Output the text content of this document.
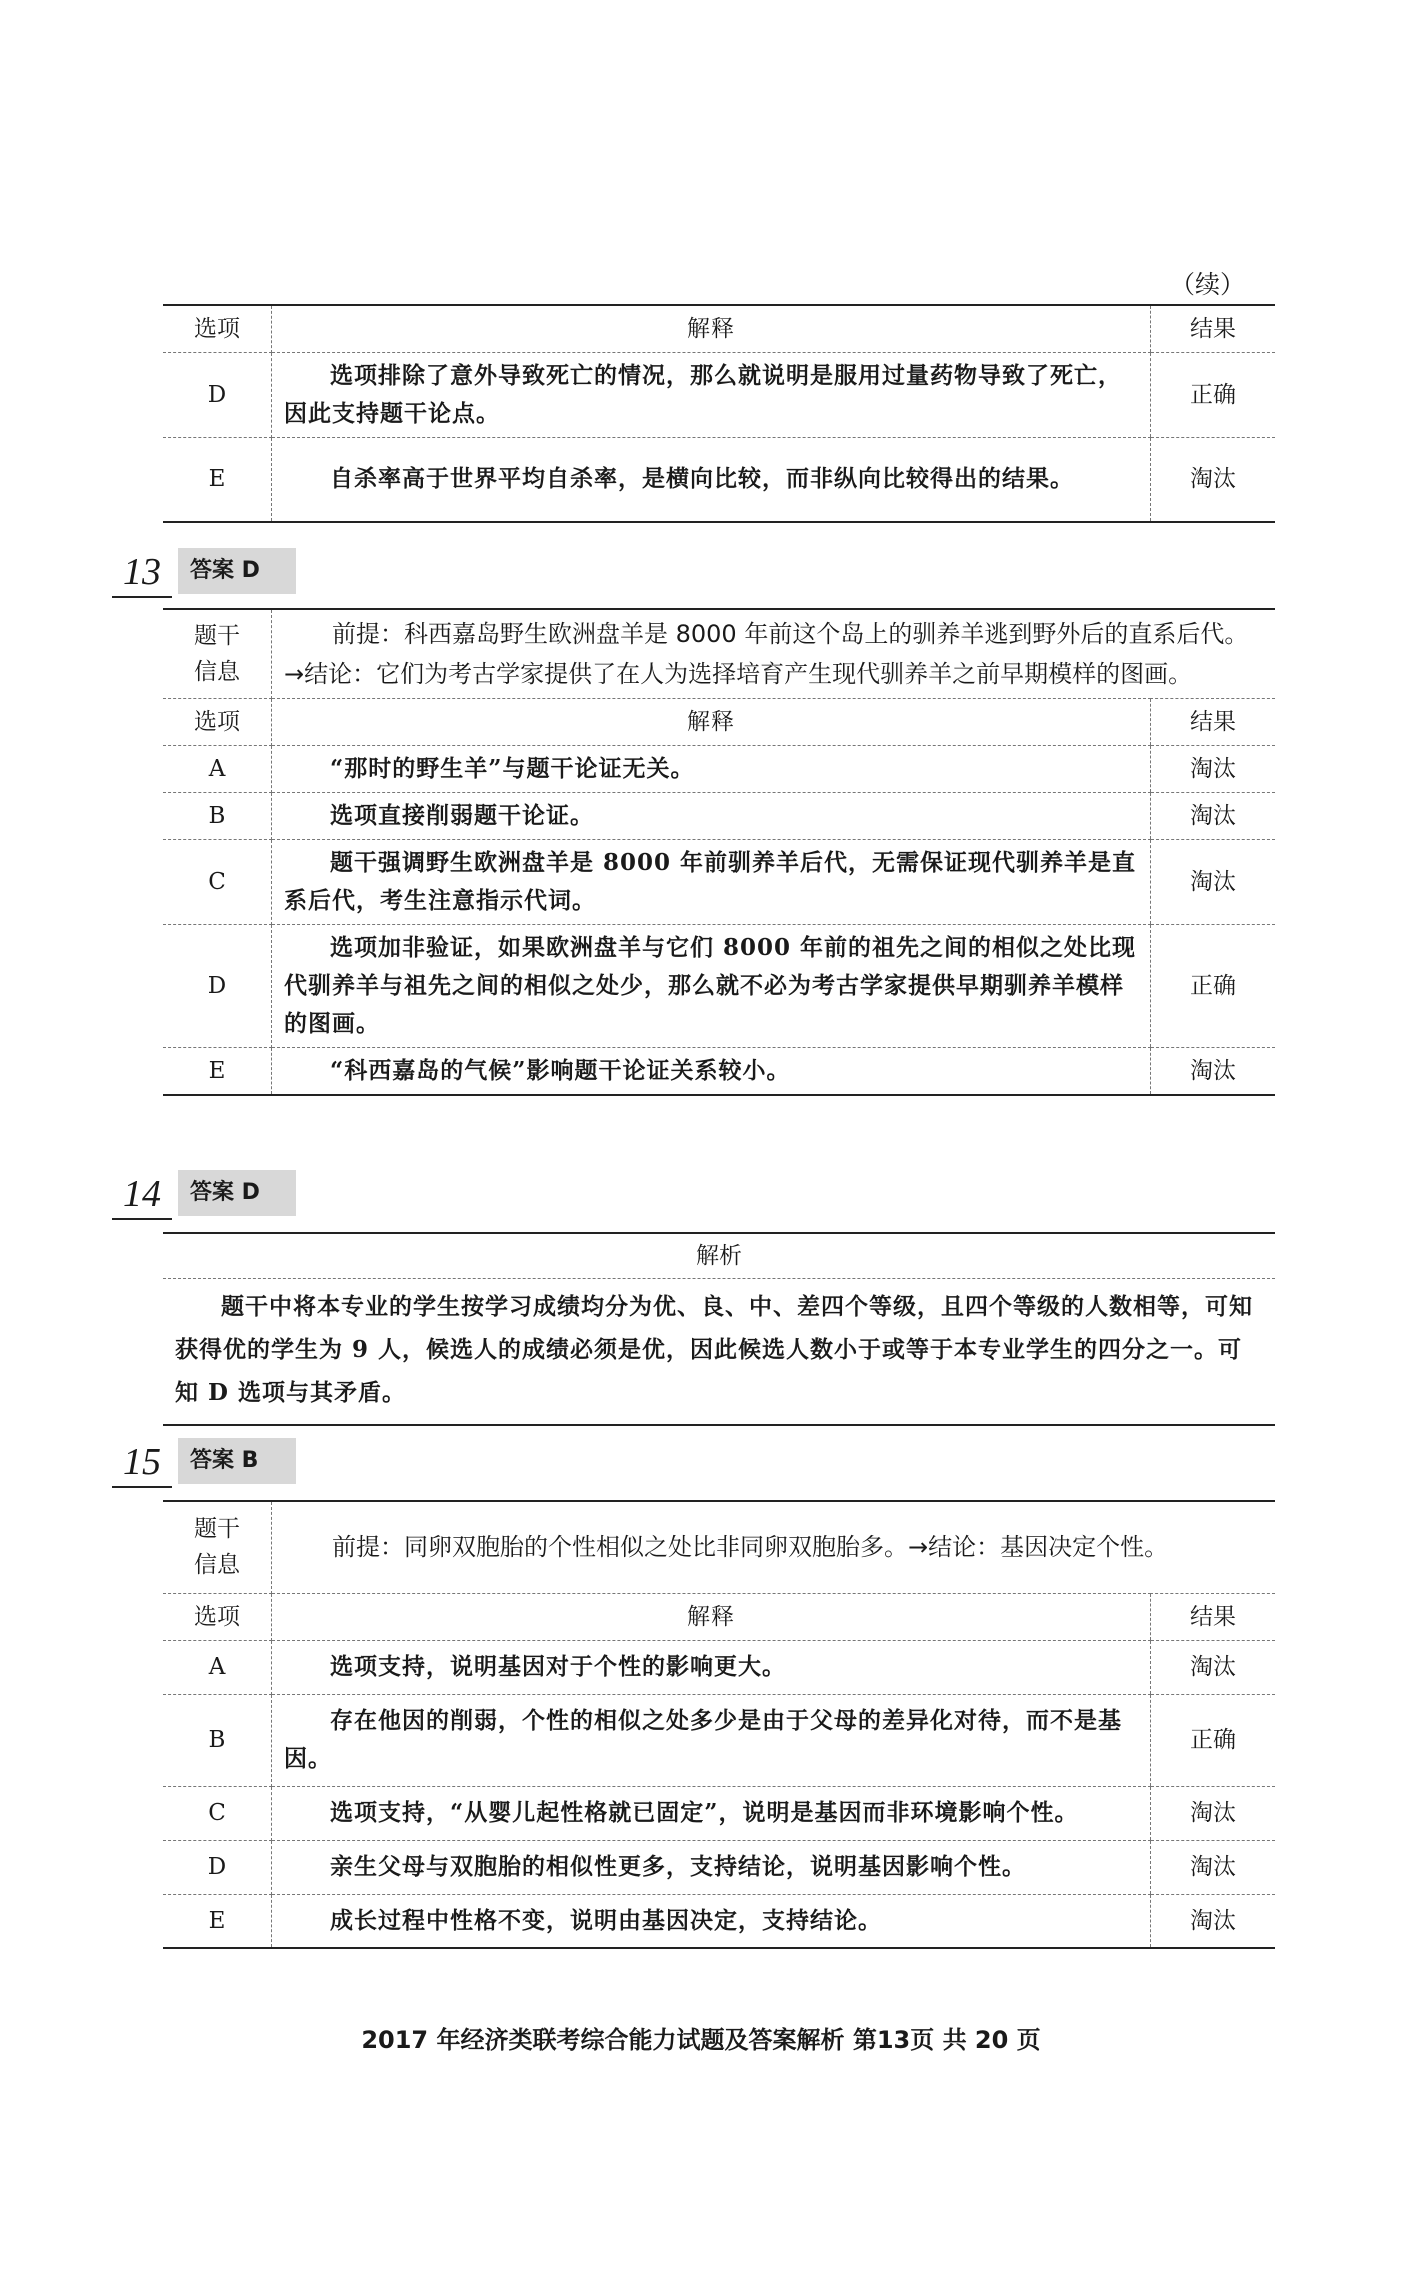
（续）
选项	解释	结果
D	选项排除了意外导致死亡的情况，那么就说明是服用过量药物导致了死亡，因此支持题干论点。	正确
E	自杀率高于世界平均自杀率，是横向比较，而非纵向比较得出的结果。	淘汰
13	答案 D
题干
信息	前提：科西嘉岛野生欧洲盘羊是 8000 年前这个岛上的驯养羊逃到野外后的直系后代。→结论：它们为考古学家提供了在人为选择培育产生现代驯养羊之前早期模样的图画。	
选项	解释	结果
A	“那时的野生羊”与题干论证无关。	淘汰
B	选项直接削弱题干论证。	淘汰
C	题干强调野生欧洲盘羊是 8000 年前驯养羊后代，无需保证现代驯养羊是直系后代，考生注意指示代词。	淘汰
D	选项加非验证，如果欧洲盘羊与它们 8000 年前的祖先之间的相似之处比现代驯养羊与祖先之间的相似之处少，那么就不必为考古学家提供早期驯养羊模样的图画。	正确
E	“科西嘉岛的气候”影响题干论证关系较小。	淘汰
14	答案 D
解析
题干中将本专业的学生按学习成绩均分为优、良、中、差四个等级，且四个等级的人数相等，可知获得优的学生为 9 人，候选人的成绩必须是优，因此候选人数小于或等于本专业学生的四分之一。可知 D 选项与其矛盾。
15	答案 B
题干
信息	前提：同卵双胞胎的个性相似之处比非同卵双胞胎多。→结论：基因决定个性。	
选项	解释	结果
A	选项支持，说明基因对于个性的影响更大。	淘汰
B	存在他因的削弱，个性的相似之处多少是由于父母的差异化对待，而不是基因。	正确
C	选项支持，“从婴儿起性格就已固定”，说明是基因而非环境影响个性。	淘汰
D	亲生父母与双胞胎的相似性更多，支持结论，说明基因影响个性。	淘汰
E	成长过程中性格不变，说明由基因决定，支持结论。	淘汰
2017 年经济类联考综合能力试题及答案解析 第13页 共 20 页
